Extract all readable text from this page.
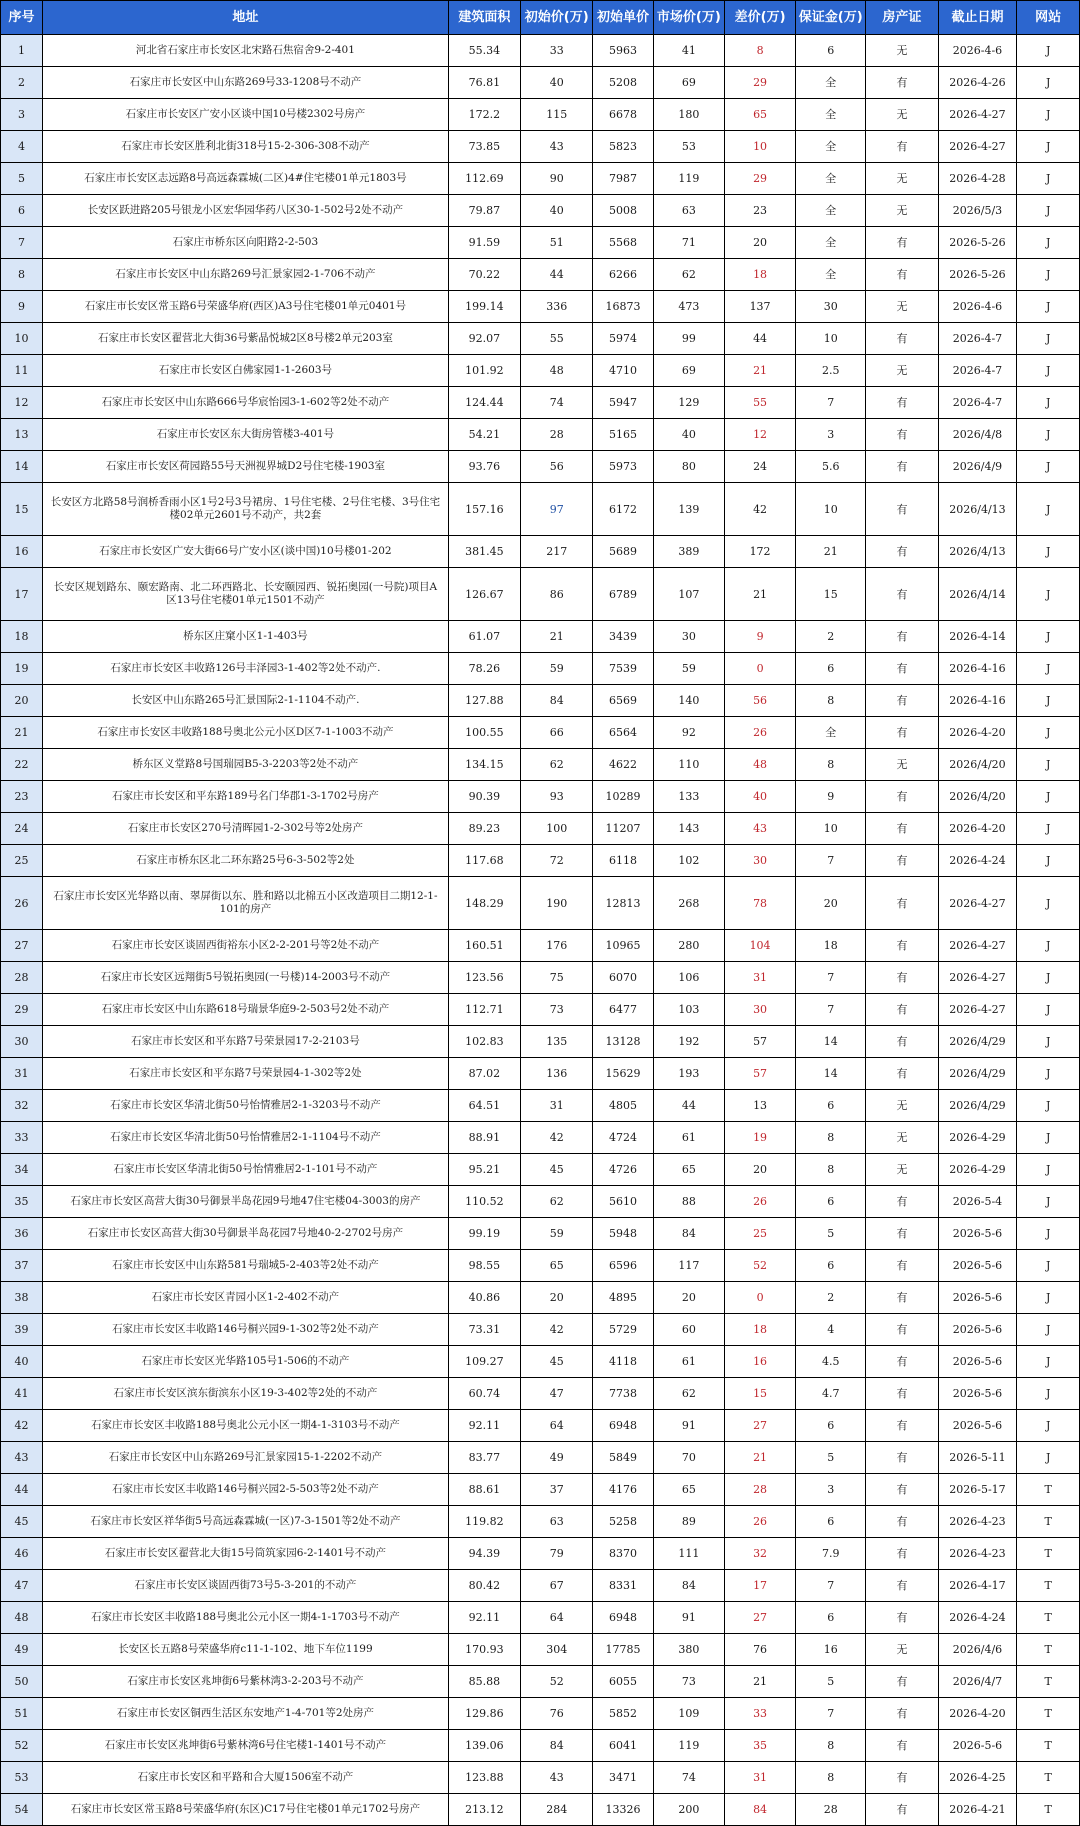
序号	地址	建筑面积	初始价(万)	初始单价	市场价(万)	差价(万)	保证金(万)	房产证	截止日期	网站
1	河北省石家庄市长安区北宋路石焦宿舍9-2-401	55.34	33	5963	41	8	6	无	2026-4-6	J
2	石家庄市长安区中山东路269号33-1208号不动产	76.81	40	5208	69	29	全	有	2026-4-26	J
3	石家庄市长安区广安小区谈中国10号楼2302号房产	172.2	115	6678	180	65	全	无	2026-4-27	J
4	石家庄市长安区胜利北街318号15-2-306-308不动产	73.85	43	5823	53	10	全	有	2026-4-27	J
5	石家庄市长安区志远路8号高远森霖城(二区)4#住宅楼01单元1803号	112.69	90	7987	119	29	全	无	2026-4-28	J
6	长安区跃进路205号银龙小区宏华园华药八区30-1-502号2处不动产	79.87	40	5008	63	23	全	无	2026/5/3	J
7	石家庄市桥东区向阳路2-2-503	91.59	51	5568	71	20	全	有	2026-5-26	J
8	石家庄市长安区中山东路269号汇景家园2-1-706不动产	70.22	44	6266	62	18	全	有	2026-5-26	J
9	石家庄市长安区常玉路6号荣盛华府(西区)A3号住宅楼01单元0401号	199.14	336	16873	473	137	30	无	2026-4-6	J
10	石家庄市长安区翟营北大街36号紫晶悦城2区8号楼2单元203室	92.07	55	5974	99	44	10	有	2026-4-7	J
11	石家庄市长安区白佛家园1-1-2603号	101.92	48	4710	69	21	2.5	无	2026-4-7	J
12	石家庄市长安区中山东路666号华宸怡园3-1-602等2处不动产	124.44	74	5947	129	55	7	有	2026-4-7	J
13	石家庄市长安区东大街房管楼3-401号	54.21	28	5165	40	12	3	有	2026/4/8	J
14	石家庄市长安区荷园路55号天洲视界城D2号住宅楼-1903室	93.76	56	5973	80	24	5.6	有	2026/4/9	J
15	长安区方北路58号润桥香雨小区1号2号3号裙房、1号住宅楼、2号住宅楼、3号住宅楼02单元2601号不动产，共2套	157.16	97	6172	139	42	10	有	2026/4/13	J
16	石家庄市长安区广安大街66号广安小区(谈中国)10号楼01-202	381.45	217	5689	389	172	21	有	2026/4/13	J
17	长安区规划路东、颐宏路南、北二环西路北、长安颐园西、锐拓奥园(一号院)项目A区13号住宅楼01单元1501不动产	126.67	86	6789	107	21	15	有	2026/4/14	J
18	桥东区庄窠小区1-1-403号	61.07	21	3439	30	9	2	有	2026-4-14	J
19	石家庄市长安区丰收路126号丰泽园3-1-402等2处不动产.	78.26	59	7539	59	0	6	有	2026-4-16	J
20	长安区中山东路265号汇景国际2-1-1104不动产.	127.88	84	6569	140	56	8	有	2026-4-16	J
21	石家庄市长安区丰收路188号奥北公元小区D区7-1-1003不动产	100.55	66	6564	92	26	全	有	2026-4-20	J
22	桥东区义堂路8号国瑞园B5-3-2203等2处不动产	134.15	62	4622	110	48	8	无	2026/4/20	J
23	石家庄市长安区和平东路189号名门华郡1-3-1702号房产	90.39	93	10289	133	40	9	有	2026/4/20	J
24	石家庄市长安区270号清晖园1-2-302号等2处房产	89.23	100	11207	143	43	10	有	2026-4-20	J
25	石家庄市桥东区北二环东路25号6-3-502等2处	117.68	72	6118	102	30	7	有	2026-4-24	J
26	石家庄市长安区光华路以南、翠屏街以东、胜和路以北棉五小区改造项目二期12-1-101的房产	148.29	190	12813	268	78	20	有	2026-4-27	J
27	石家庄市长安区谈固西街裕东小区2-2-201号等2处不动产	160.51	176	10965	280	104	18	有	2026-4-27	J
28	石家庄市长安区远翔街5号锐拓奥园(一号楼)14-2003号不动产	123.56	75	6070	106	31	7	有	2026-4-27	J
29	石家庄市长安区中山东路618号瑞景华庭9-2-503号2处不动产	112.71	73	6477	103	30	7	有	2026-4-27	J
30	石家庄市长安区和平东路7号荣景园17-2-2103号	102.83	135	13128	192	57	14	有	2026/4/29	J
31	石家庄市长安区和平东路7号荣景园4-1-302等2处	87.02	136	15629	193	57	14	有	2026/4/29	J
32	石家庄市长安区华清北街50号怡情雅居2-1-3203号不动产	64.51	31	4805	44	13	6	无	2026/4/29	J
33	石家庄市长安区华清北街50号怡情雅居2-1-1104号不动产	88.91	42	4724	61	19	8	无	2026-4-29	J
34	石家庄市长安区华清北街50号怡情雅居2-1-101号不动产	95.21	45	4726	65	20	8	无	2026-4-29	J
35	石家庄市长安区高营大街30号御景半岛花园9号地47住宅楼04-3003的房产	110.52	62	5610	88	26	6	有	2026-5-4	J
36	石家庄市长安区高营大街30号御景半岛花园7号地40-2-2702号房产	99.19	59	5948	84	25	5	有	2026-5-6	J
37	石家庄市长安区中山东路581号瑞城5-2-403等2处不动产	98.55	65	6596	117	52	6	有	2026-5-6	J
38	石家庄市长安区青园小区1-2-402不动产	40.86	20	4895	20	0	2	有	2026-5-6	J
39	石家庄市长安区丰收路146号桐兴园9-1-302等2处不动产	73.31	42	5729	60	18	4	有	2026-5-6	J
40	石家庄市长安区光华路105号1-506的不动产	109.27	45	4118	61	16	4.5	有	2026-5-6	J
41	石家庄市长安区滨东街滨东小区19-3-402等2处的不动产	60.74	47	7738	62	15	4.7	有	2026-5-6	J
42	石家庄市长安区丰收路188号奥北公元小区一期4-1-3103号不动产	92.11	64	6948	91	27	6	有	2026-5-6	J
43	石家庄市长安区中山东路269号汇景家园15-1-2202不动产	83.77	49	5849	70	21	5	有	2026-5-11	J
44	石家庄市长安区丰收路146号桐兴园2-5-503等2处不动产	88.61	37	4176	65	28	3	有	2026-5-17	T
45	石家庄市长安区祥华街5号高远森霖城(一区)7-3-1501等2处不动产	119.82	63	5258	89	26	6	有	2026-4-23	T
46	石家庄市长安区翟营北大街15号筒筑家园6-2-1401号不动产	94.39	79	8370	111	32	7.9	有	2026-4-23	T
47	石家庄市长安区谈固西街73号5-3-201的不动产	80.42	67	8331	84	17	7	有	2026-4-17	T
48	石家庄市长安区丰收路188号奥北公元小区一期4-1-1703号不动产	92.11	64	6948	91	27	6	有	2026-4-24	T
49	长安区长五路8号荣盛华府c11-1-102、地下车位1199	170.93	304	17785	380	76	16	无	2026/4/6	T
50	石家庄市长安区兆坤街6号紫林湾3-2-203号不动产	85.88	52	6055	73	21	5	有	2026/4/7	T
51	石家庄市长安区铜西生活区东安地产1-4-701等2处房产	129.86	76	5852	109	33	7	有	2026-4-20	T
52	石家庄市长安区兆坤街6号紫林湾6号住宅楼1-1401号不动产	139.06	84	6041	119	35	8	有	2026-5-6	T
53	石家庄市长安区和平路和合大厦1506室不动产	123.88	43	3471	74	31	8	有	2026-4-25	T
54	石家庄市长安区常玉路8号荣盛华府(东区)C17号住宅楼01单元1702号房产	213.12	284	13326	200	84	28	有	2026-4-21	T
